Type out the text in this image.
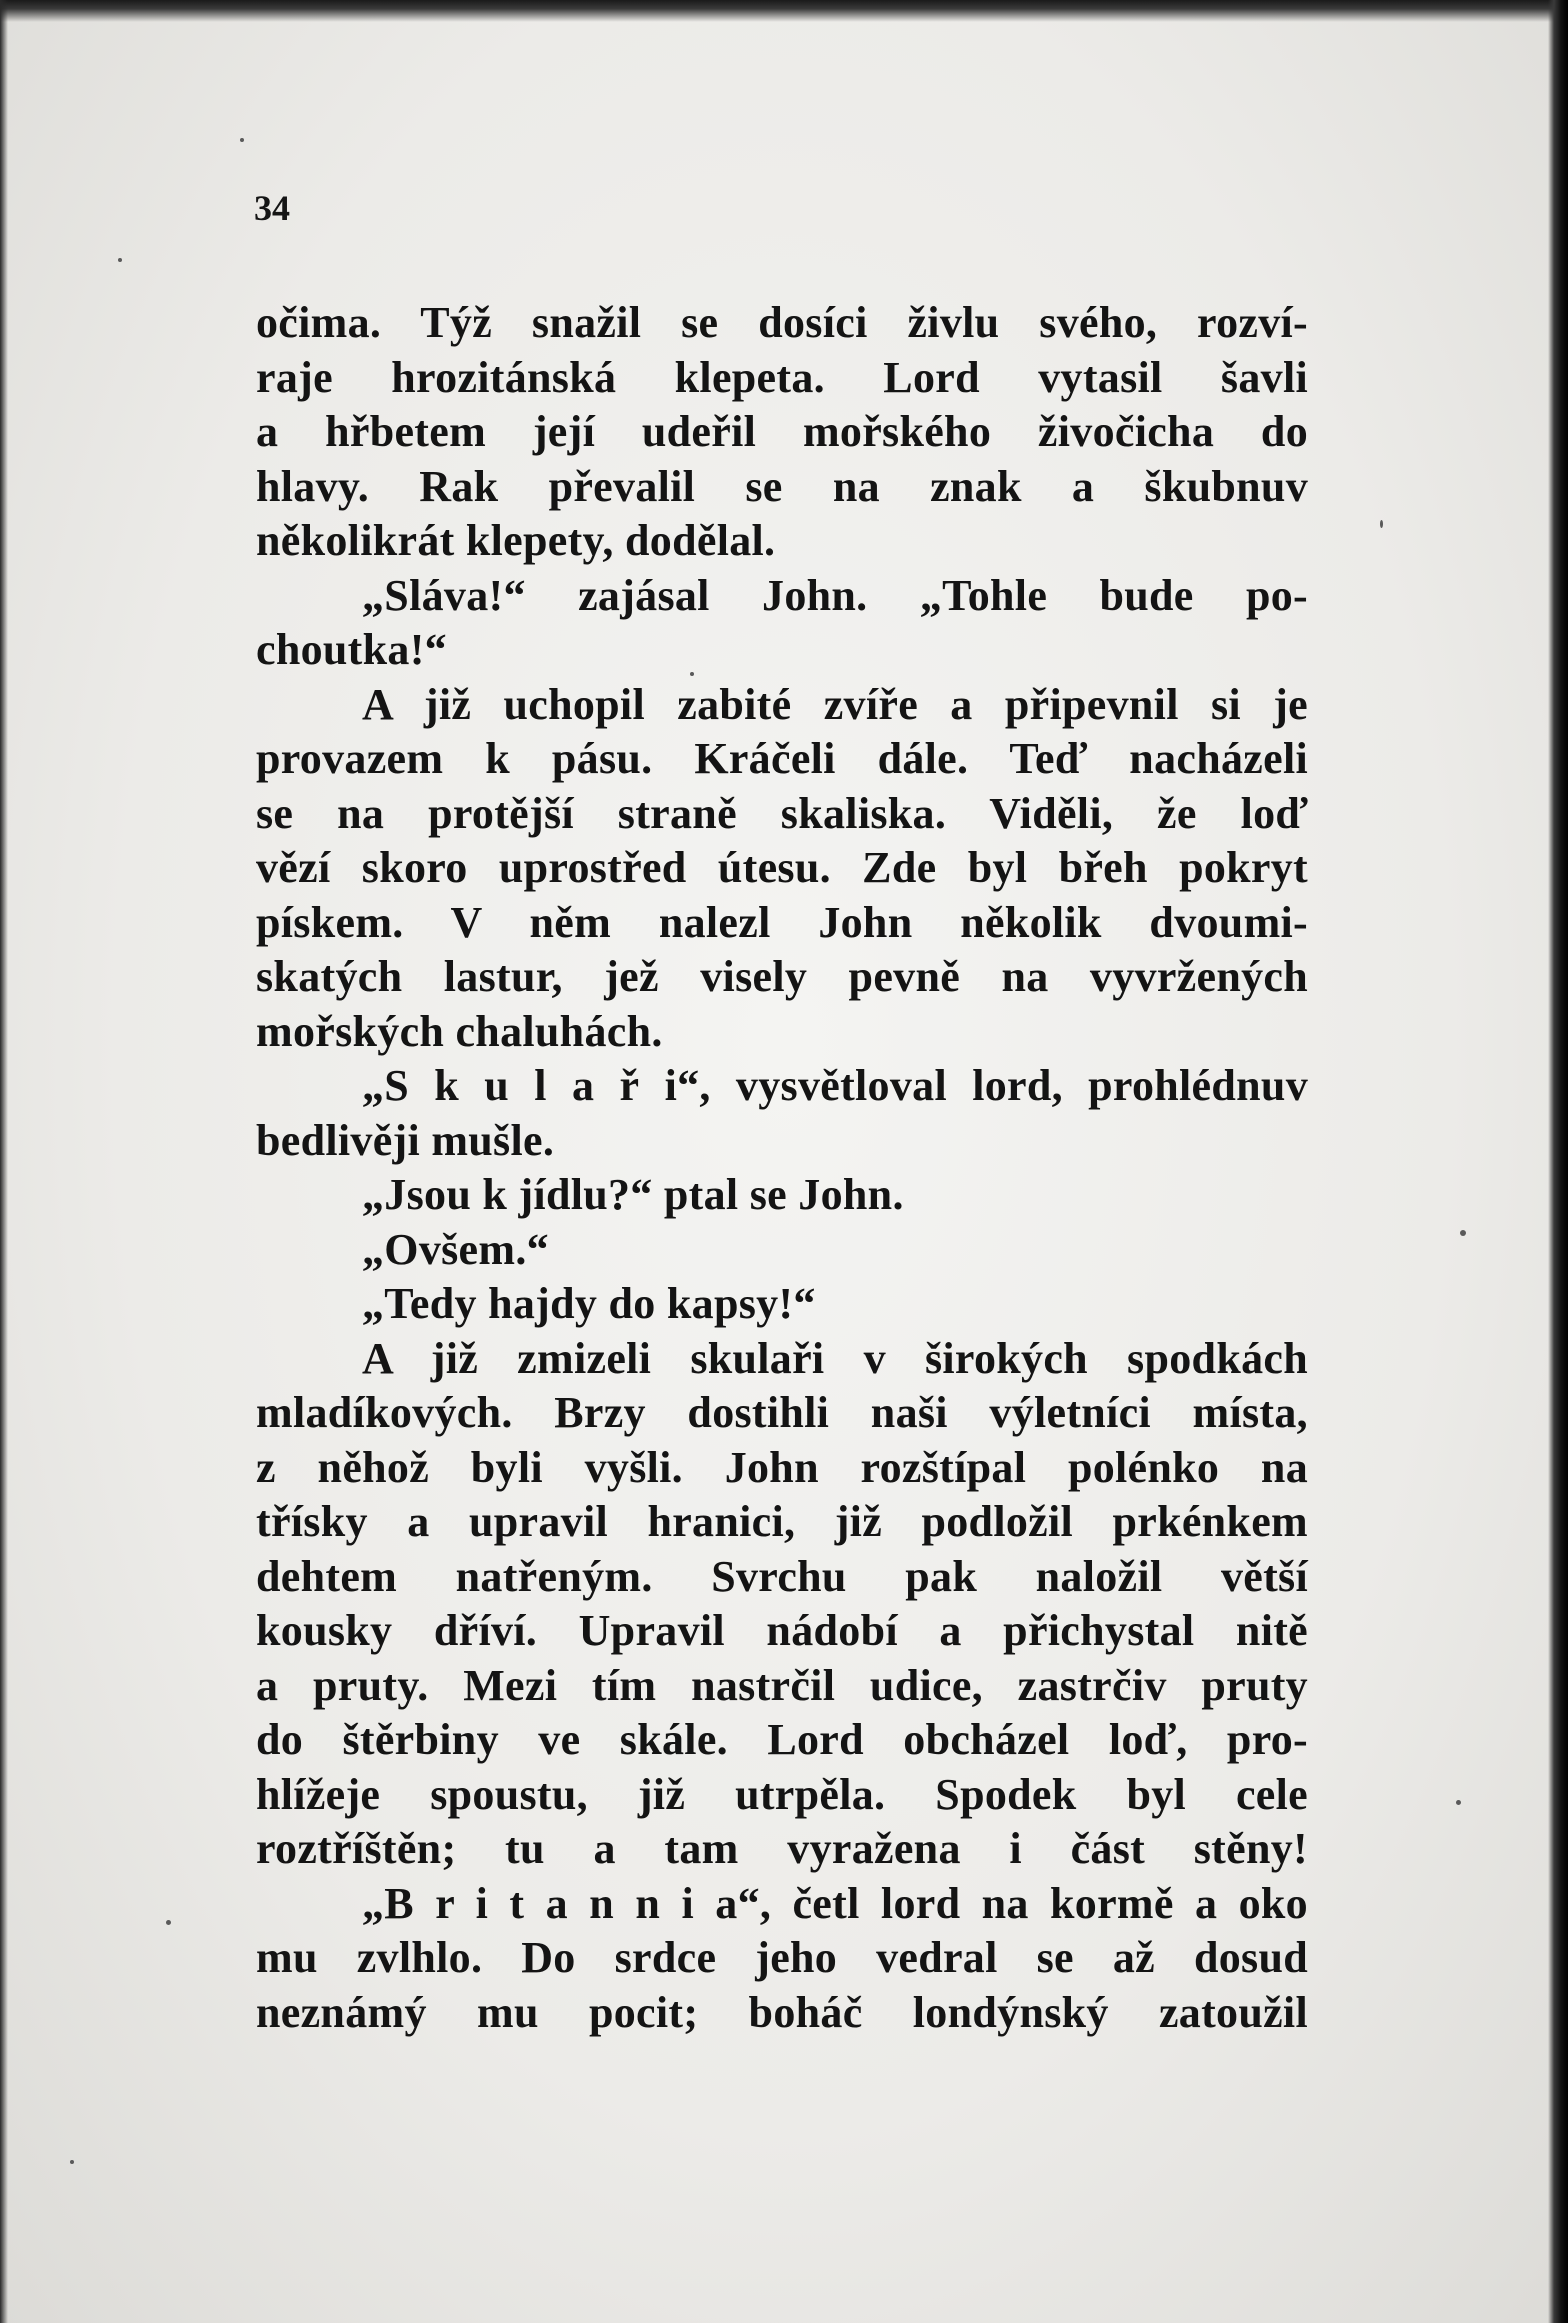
34
očima. Týž snažil se dosíci živlu svého, rozví-
raje hrozitánská klepeta. Lord vytasil šavli
a hřbetem její udeřil mořského živočicha do
hlavy. Rak převalil se na znak a škubnuv
několikrát klepety, dodělal.
„Sláva!“ zajásal John. „Tohle bude po-
choutka!“
A již uchopil zabité zvíře a připevnil si je
provazem k pásu. Kráčeli dále. Teď nacházeli
se na protější straně skaliska. Viděli, že loď
vězí skoro uprostřed útesu. Zde byl břeh pokryt
pískem. V něm nalezl John několik dvoumi-
skatých lastur, jež visely pevně na vyvržených
mořských chaluhách.
„S k u l a ř i“, vysvětloval lord, prohlédnuv
bedlivěji mušle.
„Jsou k jídlu?“ ptal se John.
„Ovšem.“
„Tedy hajdy do kapsy!“
A již zmizeli skulaři v širokých spodkách
mladíkových. Brzy dostihli naši výletníci místa,
z něhož byli vyšli. John rozštípal polénko na
třísky a upravil hranici, již podložil prkénkem
dehtem natřeným. Svrchu pak naložil větší
kousky dříví. Upravil nádobí a přichystal nitě
a pruty. Mezi tím nastrčil udice, zastrčiv pruty
do štěrbiny ve skále. Lord obcházel loď, pro-
hlížeje spoustu, již utrpěla. Spodek byl cele
roztříštěn; tu a tam vyražena i část stěny!
„B r i t a n n i a“, četl lord na kormě a oko
mu zvlhlo. Do srdce jeho vedral se až dosud
neznámý mu pocit; boháč londýnský zatoužil
